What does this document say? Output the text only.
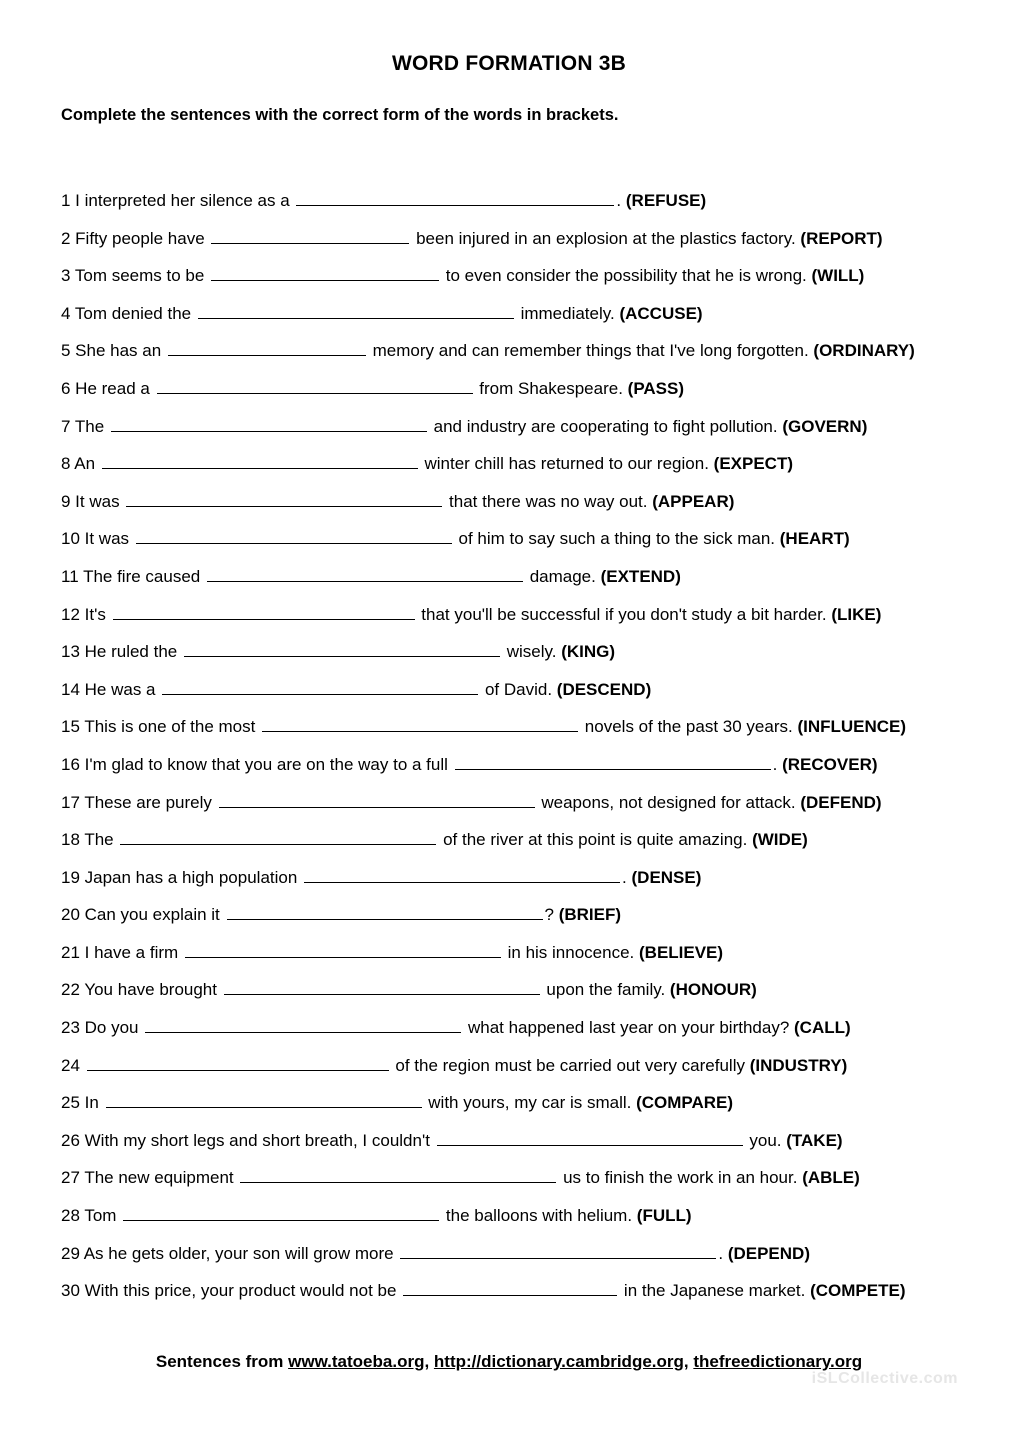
WORD FORMATION 3B
Complete the sentences with the correct form of the words in brackets.
1 I interpreted her silence as a	. (REFUSE)
2 Fifty people have	been injured in an explosion at the plastics factory. (REPORT)
3 Tom seems to be	to even consider the possibility that he is wrong. (WILL)
4 Tom denied the	immediately. (ACCUSE)
5 She has an	memory and can remember things that I've long forgotten. (ORDINARY)
6 He read a	from Shakespeare. (PASS)
7 The	and industry are cooperating to fight pollution. (GOVERN)
8 An	winter chill has returned to our region. (EXPECT)
9 It was	that there was no way out. (APPEAR)
10 It was	of him to say such a thing to the sick man. (HEART)
11 The fire caused	damage. (EXTEND)
12 It's	that you'll be successful if you don't study a bit harder. (LIKE)
13 He ruled the	wisely. (KING)
14 He was a	of David. (DESCEND)
15 This is one of the most	novels of the past 30 years. (INFLUENCE)
16 I'm glad to know that you are on the way to a full	. (RECOVER)
17 These are purely	weapons, not designed for attack. (DEFEND)
18 The	of the river at this point is quite amazing. (WIDE)
19 Japan has a high population	. (DENSE)
20 Can you explain it	? (BRIEF)
21 I have a firm	in his innocence. (BELIEVE)
22 You have brought	upon the family. (HONOUR)
23 Do you	what happened last year on your birthday? (CALL)
24	of the region must be carried out very carefully (INDUSTRY)
25 In	with yours, my car is small. (COMPARE)
26 With my short legs and short breath, I couldn't	you. (TAKE)
27 The new equipment	us to finish the work in an hour. (ABLE)
28 Tom	the balloons with helium. (FULL)
29 As he gets older, your son will grow more	. (DEPEND)
30 With this price, your product would not be	in the Japanese market. (COMPETE)
Sentences from www.tatoeba.org, http://dictionary.cambridge.org, thefreedictionary.org
iSLCollective.com
